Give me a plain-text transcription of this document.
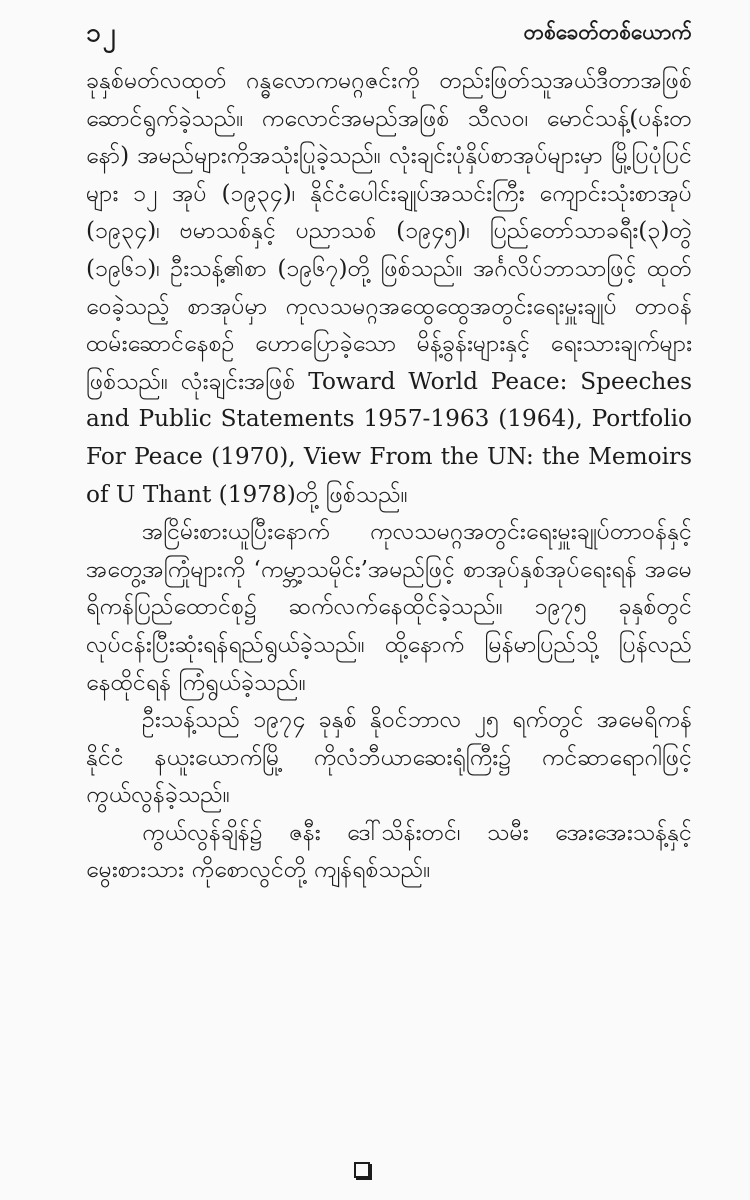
၁၂	တစ်ခေတ်တစ်ယောက်

ခုနှစ်မတ်လထုတ် ဂန္ဓလောကမဂ္ဂဇင်းကို တည်းဖြတ်သူအယ်ဒီတာအဖြစ် ဆောင်ရွက်ခဲ့သည်။ ကလောင်အမည်အဖြစ် သီလဝ၊ မောင်သန့်(ပန်းတနော်) အမည်များကိုအသုံးပြုခဲ့သည်။ လုံးချင်းပုံနှိပ်စာအုပ်များမှာ မြို့ပြပုံပြင်များ ၁၂ အုပ် (၁၉၃၄)၊ နိုင်ငံပေါင်းချုပ်အသင်းကြီး ကျောင်းသုံးစာအုပ် (၁၉၃၄)၊ ဗမာသစ်နှင့် ပညာသစ် (၁၉၄၅)၊ ပြည်တော်သာခရီး(၃)တွဲ (၁၉၆၁)၊ ဦးသန့်၏စာ (၁၉၆၇)တို့ ဖြစ်သည်။ အင်္ဂလိပ်ဘာသာဖြင့် ထုတ်ဝေခဲ့သည့် စာအုပ်မှာ ကုလသမဂ္ဂအထွေထွေအတွင်းရေးမှူးချုပ် တာဝန်ထမ်းဆောင်နေစဉ် ဟောပြောခဲ့သော မိန့်ခွန်းများနှင့် ရေးသားချက်များ ဖြစ်သည်။ လုံးချင်းအဖြစ် Toward World Peace: Speeches and Public Statements 1957-1963 (1964), Portfolio For Peace (1970), View From the UN: the Memoirs of U Thant (1978)တို့ ဖြစ်သည်။

အငြိမ်းစားယူပြီးနောက် ကုလသမဂ္ဂအတွင်းရေးမှူးချုပ်တာဝန်နှင့် အတွေ့အကြုံများကို ‘ကမ္ဘာ့သမိုင်း’အမည်ဖြင့် စာအုပ်နှစ်အုပ်ရေးရန် အမေရိကန်ပြည်ထောင်စု၌ ဆက်လက်နေထိုင်ခဲ့သည်။ ၁၉၇၅ ခုနှစ်တွင် လုပ်ငန်းပြီးဆုံးရန်ရည်ရွယ်ခဲ့သည်။ ထို့နောက် မြန်မာပြည်သို့ ပြန်လည်နေထိုင်ရန် ကြံရွယ်ခဲ့သည်။

ဦးသန့်သည် ၁၉၇၄ ခုနှစ် နိုဝင်ဘာလ ၂၅ ရက်တွင် အမေရိကန်နိုင်ငံ နယူးယောက်မြို့ ကိုလံဘီယာဆေးရုံကြီး၌ ကင်ဆာရောဂါဖြင့် ကွယ်လွန်ခဲ့သည်။

ကွယ်လွန်ချိန်၌ ဇနီး ဒေါ်သိန်းတင်၊ သမီး အေးအေးသန့်နှင့် မွေးစားသား ကိုစောလွင်တို့ ကျန်ရစ်သည်။
